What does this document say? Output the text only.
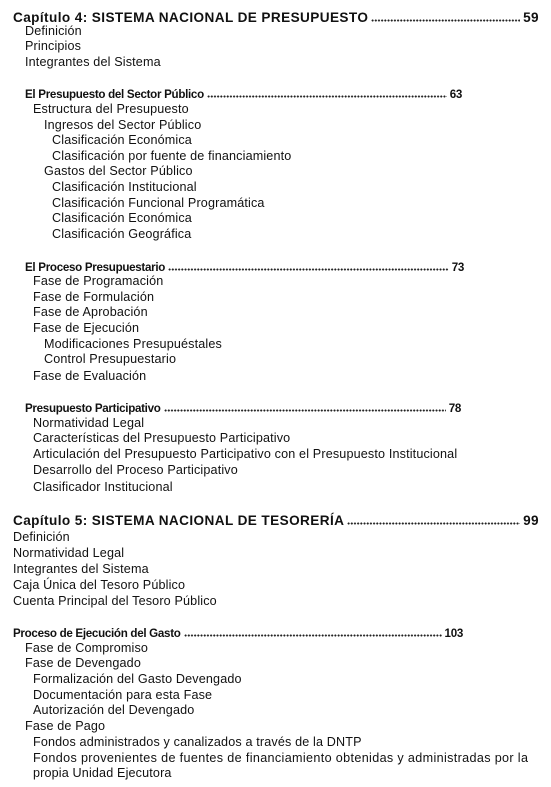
Capítulo 4: SISTEMA NACIONAL DE PRESUPUESTO	59
Definición
Principios
Integrantes del Sistema
El Presupuesto del Sector Público	63
Estructura del Presupuesto
Ingresos del Sector Público
Clasificación Económica
Clasificación por fuente de financiamiento
Gastos del Sector Público
Clasificación Institucional
Clasificación Funcional Programática
Clasificación Económica
Clasificación Geográfica
El Proceso Presupuestario	73
Fase de Programación
Fase de Formulación
Fase de Aprobación
Fase de Ejecución
Modificaciones Presupuéstales
Control Presupuestario
Fase de Evaluación
Presupuesto Participativo	78
Normatividad Legal
Características del Presupuesto Participativo
Articulación del Presupuesto Participativo con el Presupuesto Institucional
Desarrollo del Proceso Participativo
Clasificador Institucional
Capítulo 5: SISTEMA NACIONAL DE TESORERÍA	99
Definición
Normatividad Legal
Integrantes del Sistema
Caja Única del Tesoro Público
Cuenta Principal del Tesoro Público
Proceso de Ejecución del Gasto	103
Fase de Compromiso
Fase de Devengado
Formalización del Gasto Devengado
Documentación para esta Fase
Autorización del Devengado
Fase de Pago
Fondos administrados y canalizados a través de la DNTP
Fondos provenientes de fuentes de financiamiento obtenidas y administradas por la
propia Unidad Ejecutora
